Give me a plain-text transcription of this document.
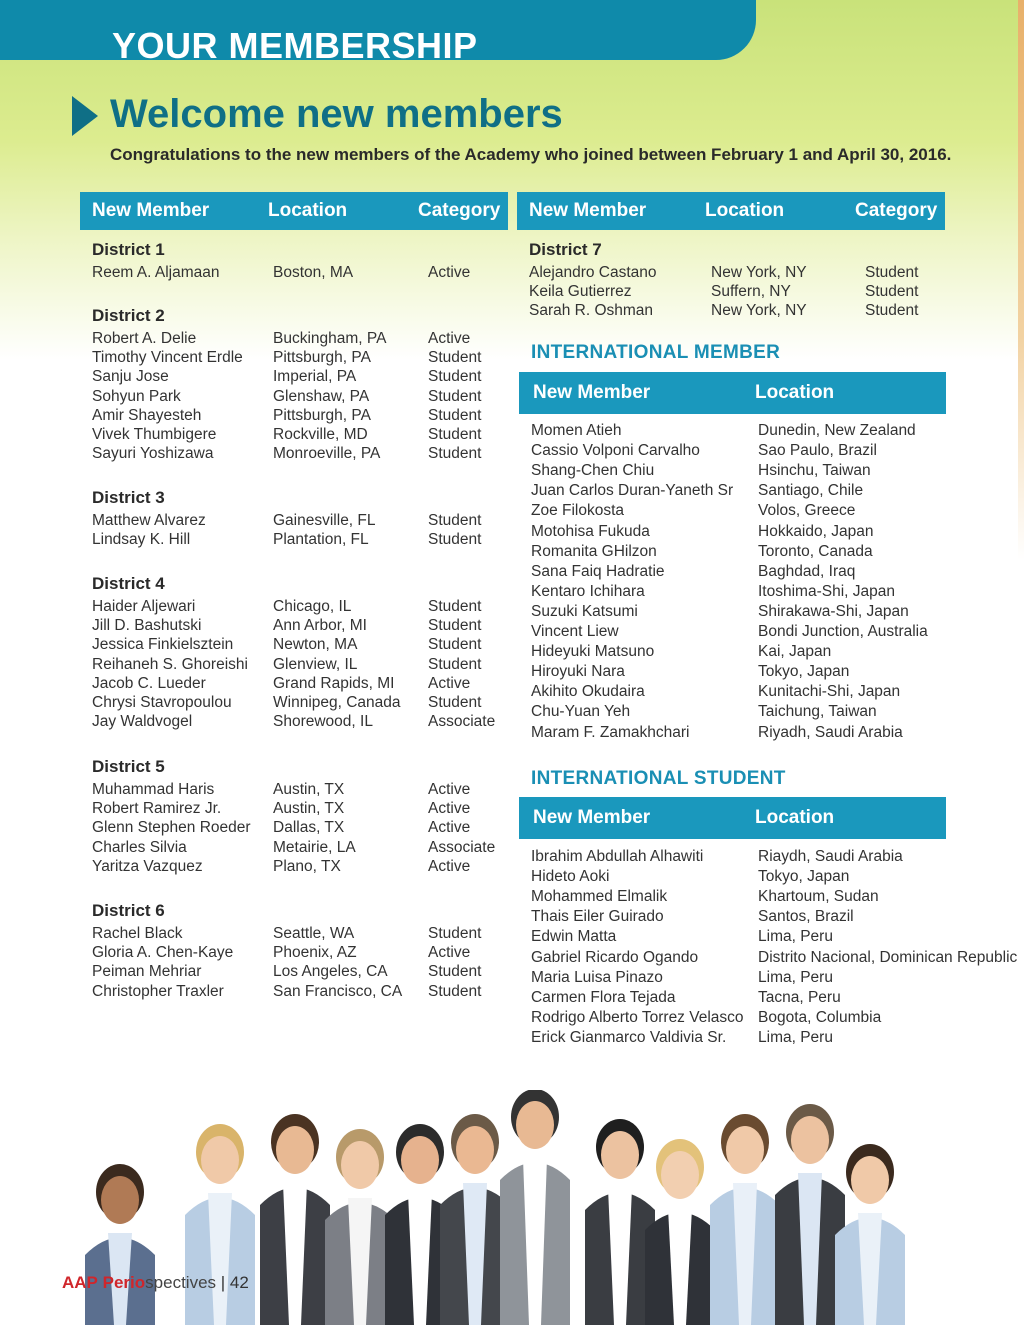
YOUR MEMBERSHIP
Welcome new members
Congratulations to the new members of the Academy who joined between February 1 and April 30, 2016.
New Member	Location	Category New Member	Location	Category
District 1
Reem A. Aljamaan	Boston, MA	Active
District 2
Robert A. Delie	Buckingham, PA	Active
Timothy Vincent Erdle Pittsburgh, PA	Student
Sanju Jose	Imperial, PA	Student
Sohyun Park	Glenshaw, PA	Student
Amir Shayesteh	Pittsburgh, PA	Student
Vivek Thumbigere	Rockville, MD	Student
Sayuri Yoshizawa	Monroeville, PA	Student
District 3
Matthew Alvarez	Gainesville, FL	Student
Lindsay K. Hill	Plantation, FL	Student
District 4
Haider Aljewari	Chicago, IL	Student
Jill D. Bashutski	Ann Arbor, MI	Student
Jessica Finkielsztein	Newton, MA	Student
Reihaneh S. Ghoreishi Glenview, IL	Student
Jacob C. Lueder	Grand Rapids, MI Active
Chrysi Stavropoulou	Winnipeg, Canada Student
Jay Waldvogel	Shorewood, IL	Associate
District 5
Muhammad Haris	Austin, TX	Active
Robert Ramirez Jr.	Austin, TX	Active
Glenn Stephen Roeder Dallas, TX	Active
Charles Silvia	Metairie, LA	Associate
Yaritza Vazquez	Plano, TX	Active
District 6
Rachel Black	Seattle, WA	Student
Gloria A. Chen-Kaye	Phoenix, AZ	Active
Peiman Mehriar	Los Angeles, CA	Student
Christopher Traxler	San Francisco, CA Student
District 7
Alejandro Castano	New York, NY	Student
Keila Gutierrez	Suffern, NY	Student
Sarah R. Oshman	New York, NY	Student
INTERNATIONAL MEMBER
New Member	Location
Momen Atieh	Dunedin, New Zealand
Cassio Volponi Carvalho	Sao Paulo, Brazil
Shang-Chen Chiu	Hsinchu, Taiwan
Juan Carlos Duran-Yaneth Sr Santiago, Chile
Zoe Filokosta	Volos, Greece
Motohisa Fukuda	Hokkaido, Japan
Romanita GHilzon	Toronto, Canada
Sana Faiq Hadratie	Baghdad, Iraq
Kentaro Ichihara	Itoshima-Shi, Japan
Suzuki Katsumi	Shirakawa-Shi, Japan
Vincent Liew	Bondi Junction, Australia
Hideyuki Matsuno	Kai, Japan
Hiroyuki Nara	Tokyo, Japan
Akihito Okudaira	Kunitachi-Shi, Japan
Chu-Yuan Yeh	Taichung, Taiwan
Maram F. Zamakhchari	Riyadh, Saudi Arabia
INTERNATIONAL STUDENT
New Member	Location
Ibrahim Abdullah Alhawiti	Riaydh, Saudi Arabia
Hideto Aoki	Tokyo, Japan
Mohammed Elmalik	Khartoum, Sudan
Thais Eiler Guirado	Santos, Brazil
Edwin Matta	Lima, Peru
Gabriel Ricardo Ogando	Distrito Nacional, Dominican Republic
Maria Luisa Pinazo	Lima, Peru
Carmen Flora Tejada	Tacna, Peru
Rodrigo Alberto Torrez Velasco Bogota, Columbia
Erick Gianmarco Valdivia Sr. Lima, Peru
AAP Periospectives | 42
